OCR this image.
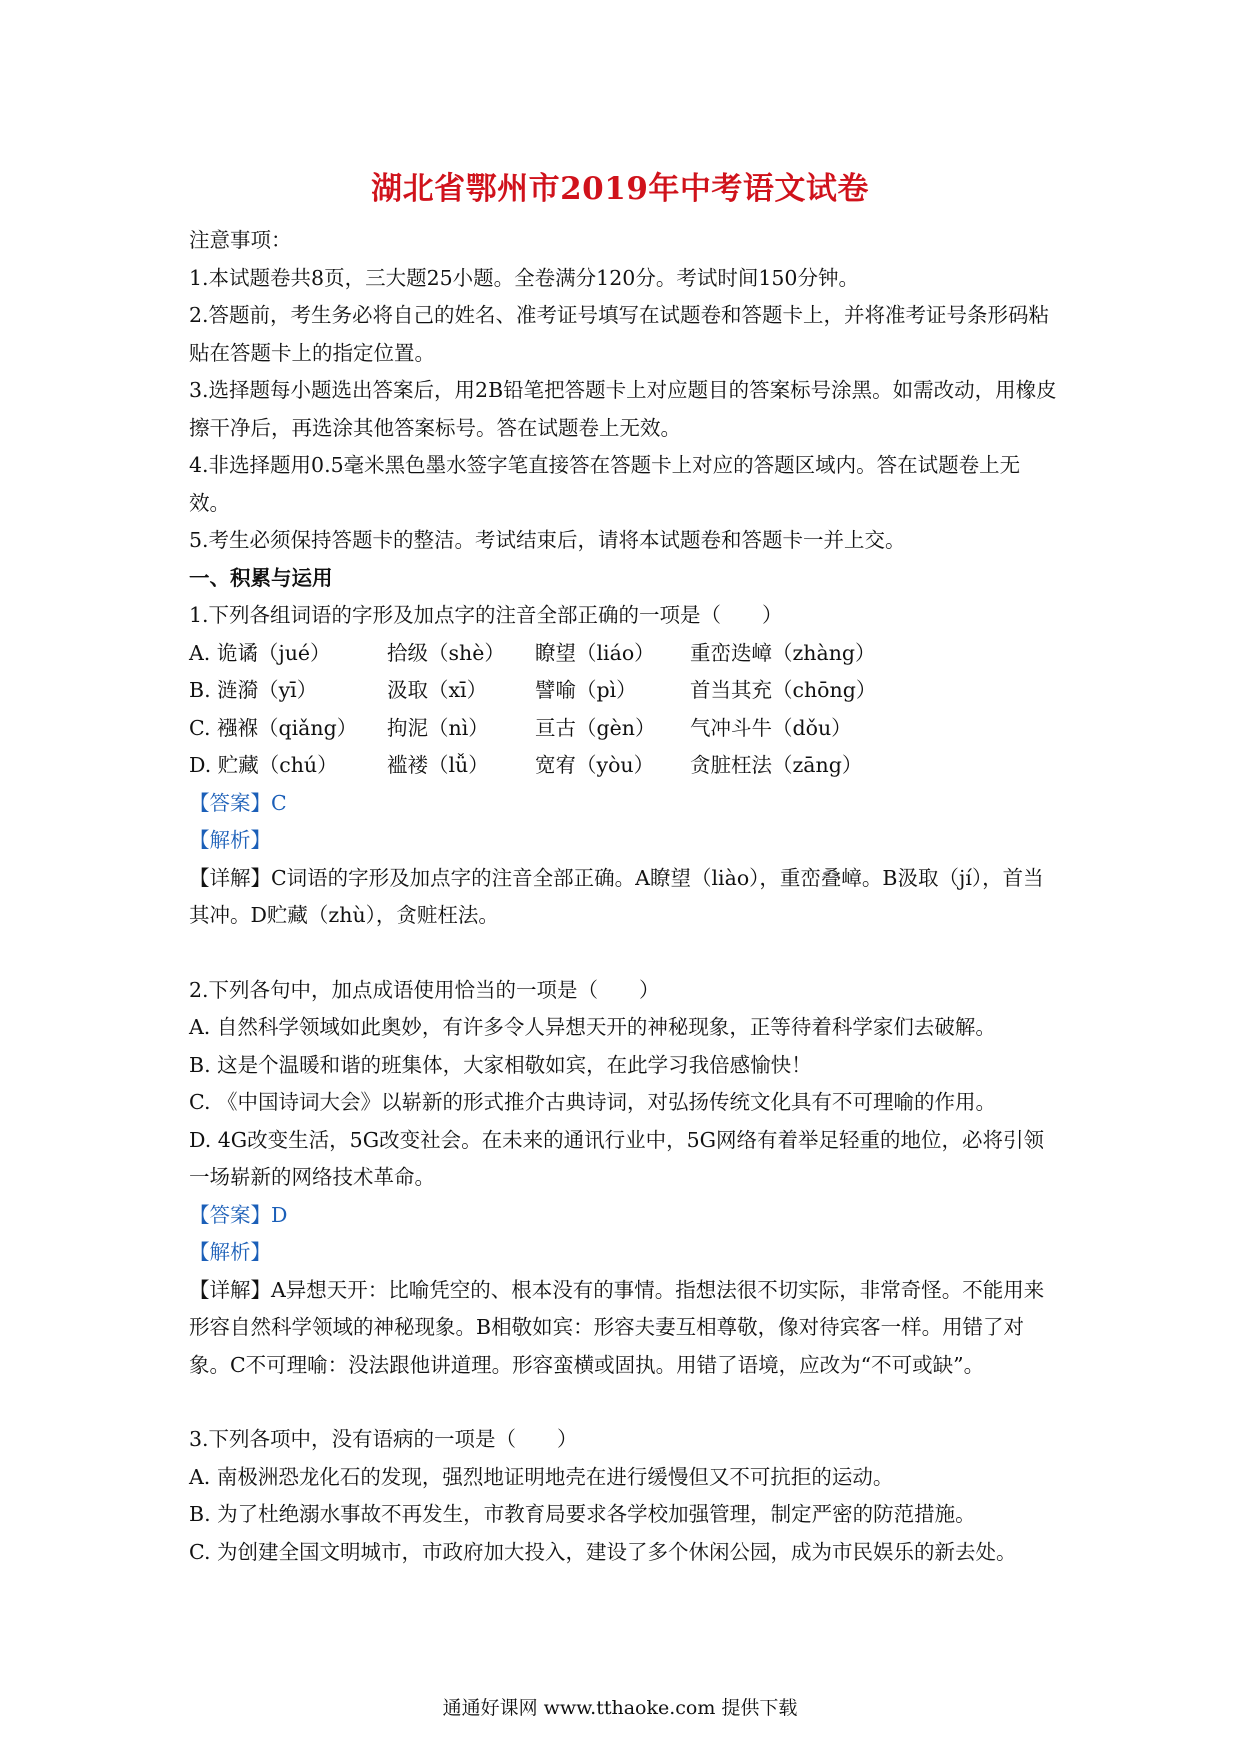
湖北省鄂州市2019年中考语文试卷

注意事项：

1.本试题卷共8页，三大题25小题。全卷满分120分。考试时间150分钟。

2.答题前，考生务必将自己的姓名、准考证号填写在试题卷和答题卡上，并将准考证号条形码粘贴在答题卡上的指定位置。

3.选择题每小题选出答案后，用2B铅笔把答题卡上对应题目的答案标号涂黑。如需改动，用橡皮擦干净后，再选涂其他答案标号。答在试题卷上无效。

4.非选择题用0.5毫米黑色墨水签字笔直接答在答题卡上对应的答题区域内。答在试题卷上无效。

5.考生必须保持答题卡的整洁。考试结束后，请将本试题卷和答题卡一并上交。

一、积累与运用

1.下列各组词语的字形及加点字的注音全部正确的一项是（　　）

A. 诡谲（jué）	拾级（shè）	瞭望（liáo）	重峦迭嶂（zhàng）
B. 涟漪（yī）	汲取（xī）	譬喻（pì）	首当其充（chōng）
C. 襁褓（qiǎng）	拘泥（nì）	亘古（gèn）	气冲斗牛（dǒu）
D. 贮藏（chú）	褴褛（lǚ）	宽宥（yòu）	贪脏枉法（zāng）

【答案】C

【解析】

【详解】C词语的字形及加点字的注音全部正确。A瞭望（liào），重峦叠嶂。B汲取（jí），首当其冲。D贮藏（zhù），贪赃枉法。

2.下列各句中，加点成语使用恰当的一项是（　　）

A. 自然科学领域如此奥妙，有许多令人异想天开的神秘现象，正等待着科学家们去破解。

B. 这是个温暖和谐的班集体，大家相敬如宾，在此学习我倍感愉快！

C. 《中国诗词大会》以崭新的形式推介古典诗词，对弘扬传统文化具有不可理喻的作用。

D. 4G改变生活，5G改变社会。在未来的通讯行业中，5G网络有着举足轻重的地位，必将引领一场崭新的网络技术革命。

【答案】D

【解析】

【详解】A异想天开：比喻凭空的、根本没有的事情。指想法很不切实际，非常奇怪。不能用来形容自然科学领域的神秘现象。B相敬如宾：形容夫妻互相尊敬，像对待宾客一样。用错了对象。C不可理喻：没法跟他讲道理。形容蛮横或固执。用错了语境，应改为“不可或缺”。

3.下列各项中，没有语病的一项是（　　）

A. 南极洲恐龙化石的发现，强烈地证明地壳在进行缓慢但又不可抗拒的运动。

B. 为了杜绝溺水事故不再发生，市教育局要求各学校加强管理，制定严密的防范措施。

C. 为创建全国文明城市，市政府加大投入，建设了多个休闲公园，成为市民娱乐的新去处。

通通好课网 www.tthaoke.com 提供下载
